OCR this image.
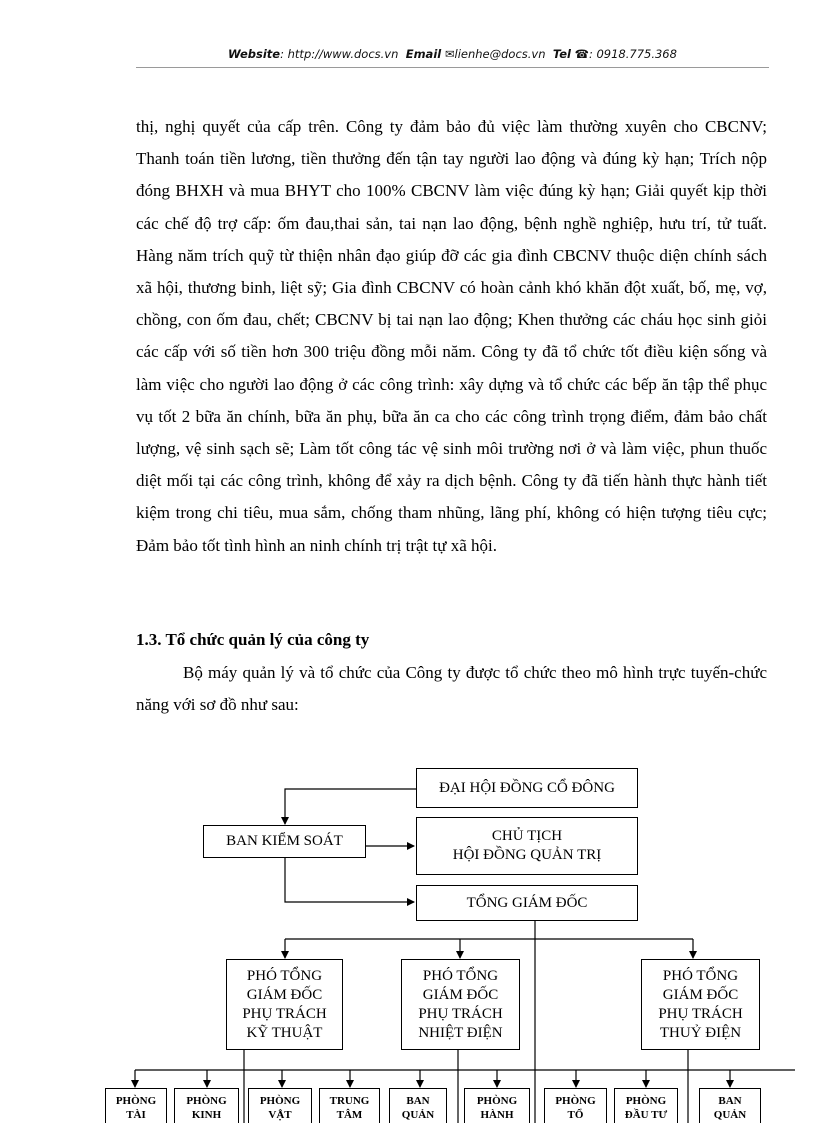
Website: http://www.docs.vn Email ✉lienhe@docs.vn Tel ☎: 0918.775.368

thị, nghị quyết của cấp trên. Công ty đảm bảo đủ việc làm thường xuyên cho CBCNV; Thanh toán tiền lương, tiền thưởng đến tận tay người lao động và đúng kỳ hạn; Trích nộp đóng BHXH và mua BHYT cho 100% CBCNV làm việc đúng kỳ hạn; Giải quyết kịp thời các chế độ trợ cấp: ốm đau,thai sản, tai nạn lao động, bệnh nghề nghiệp, hưu trí, tử tuất. Hàng năm trích quỹ từ thiện nhân đạo giúp đỡ các gia đình CBCNV thuộc diện chính sách xã hội, thương binh, liệt sỹ; Gia đình CBCNV có hoàn cảnh khó khăn đột xuất, bố, mẹ, vợ, chồng, con ốm đau, chết; CBCNV bị tai nạn lao động; Khen thưởng các cháu học sinh giỏi các cấp với số tiền hơn 300 triệu đồng mỗi năm. Công ty đã tổ chức tốt điều kiện sống và làm việc cho người lao động ở các công trình: xây dựng và tổ chức các bếp ăn tập thể phục vụ tốt 2 bữa ăn chính, bữa ăn phụ, bữa ăn ca cho các công trình trọng điểm, đảm bảo chất lượng, vệ sinh sạch sẽ; Làm tốt công tác vệ sinh môi trường nơi ở và làm việc, phun thuốc diệt mối tại các công trình, không để xảy ra dịch bệnh. Công ty đã tiến hành thực hành tiết kiệm trong chi tiêu, mua sắm, chống tham nhũng, lãng phí, không có hiện tượng tiêu cực; Đảm bảo tốt tình hình an ninh chính trị trật tự xã hội.

1.3. Tổ chức quản lý của công ty

Bộ máy quản lý và tổ chức của Công ty được tổ chức theo mô hình trực tuyến-chức năng với sơ đồ như sau:

ĐẠI HỘI ĐỒNG CỔ ĐÔNG
BAN KIỂM SOÁT	CHỦ TỊCH
HỘI ĐỒNG QUẢN TRỊ
TỔNG GIÁM ĐỐC
PHÓ TỔNG
GIÁM ĐỐC
PHỤ TRÁCH
KỸ THUẬT
PHÓ TỔNG
GIÁM ĐỐC
PHỤ TRÁCH
NHIỆT ĐIỆN
PHÓ TỔNG
GIÁM ĐỐC
PHỤ TRÁCH
THUỶ ĐIỆN
PHÒNG
TÀI
PHÒNG
KINH
PHÒNG
VẬT
TRUNG
TÂM
BAN
QUẢN
PHÒNG
HÀNH
PHÒNG
TỔ
PHÒNG
ĐẦU TƯ
BAN
QUẢN
